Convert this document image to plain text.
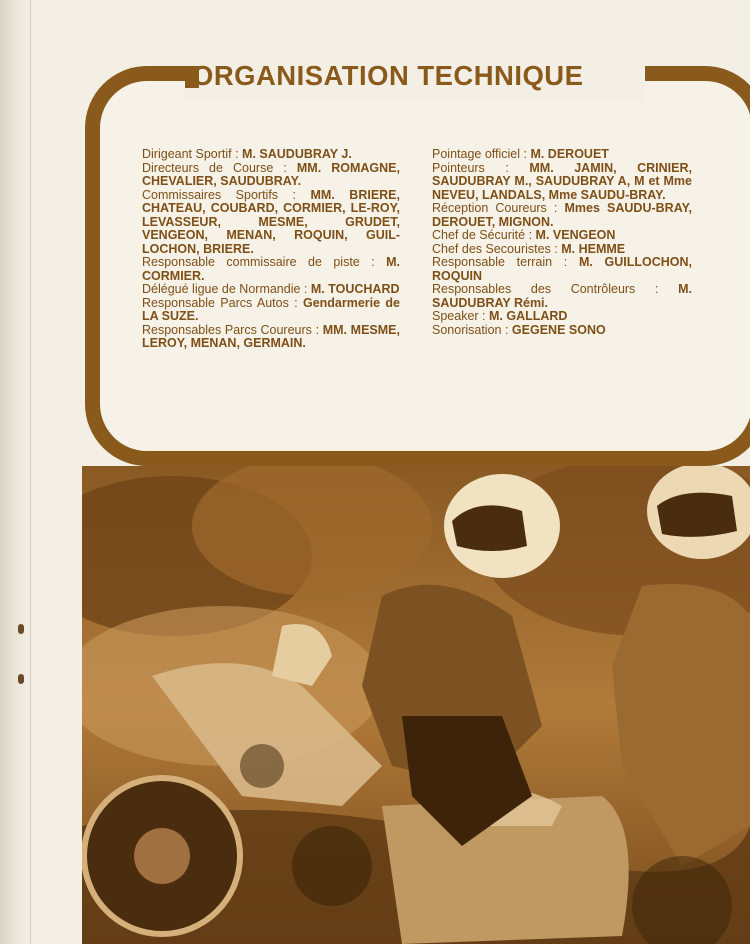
ORGANISATION TECHNIQUE

Dirigeant Sportif : M. SAUDUBRAY J.

Directeurs de Course : MM. ROMAGNE, CHEVALIER, SAUDUBRAY.

Commissaires Sportifs : MM. BRIERE, CHATEAU, COUBARD, CORMIER, LE-ROY, LEVASSEUR, MESME, GRUDET, VENGEON, MENAN, ROQUIN, GUIL-LOCHON, BRIERE.

Responsable commissaire de piste : M. CORMIER.

Délégué ligue de Normandie : M. TOUCHARD

Responsable Parcs Autos : Gendarmerie de LA SUZE.

Responsables Parcs Coureurs : MM. MESME, LEROY, MENAN, GERMAIN.

Pointage officiel : M. DEROUET

Pointeurs : MM. JAMIN, CRINIER, SAUDUBRAY M., SAUDUBRAY A, M et Mme NEVEU, LANDALS, Mme SAUDU-BRAY.

Réception Coureurs : Mmes SAUDU-BRAY, DEROUET, MIGNON.

Chef de Sécurité : M. VENGEON

Chef des Secouristes : M. HEMME

Responsable terrain : M. GUILLOCHON, ROQUIN

Responsables des Contrôleurs : M. SAUDUBRAY Rémi.

Speaker : M. GALLARD

Sonorisation : GEGENE SONO
